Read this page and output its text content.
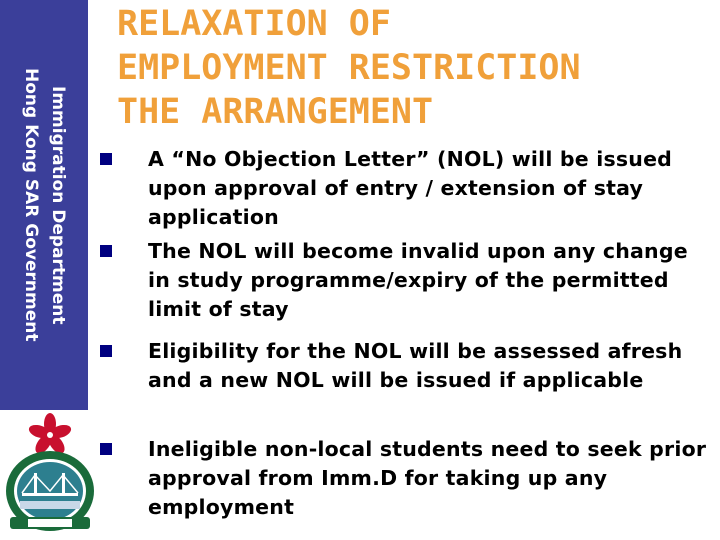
Immigration Department
Hong Kong SAR Government
RELAXATION OF
EMPLOYMENT RESTRICTION
THE ARRANGEMENT
A “No Objection Letter” (NOL) will be issued upon approval of entry / extension of stay application
The NOL will become invalid upon any change in study programme/expiry of the permitted limit of stay
Eligibility for the NOL will be assessed afresh and a new NOL will be issued if applicable
Ineligible non-local students need to seek prior approval from Imm.D for taking up any employment
